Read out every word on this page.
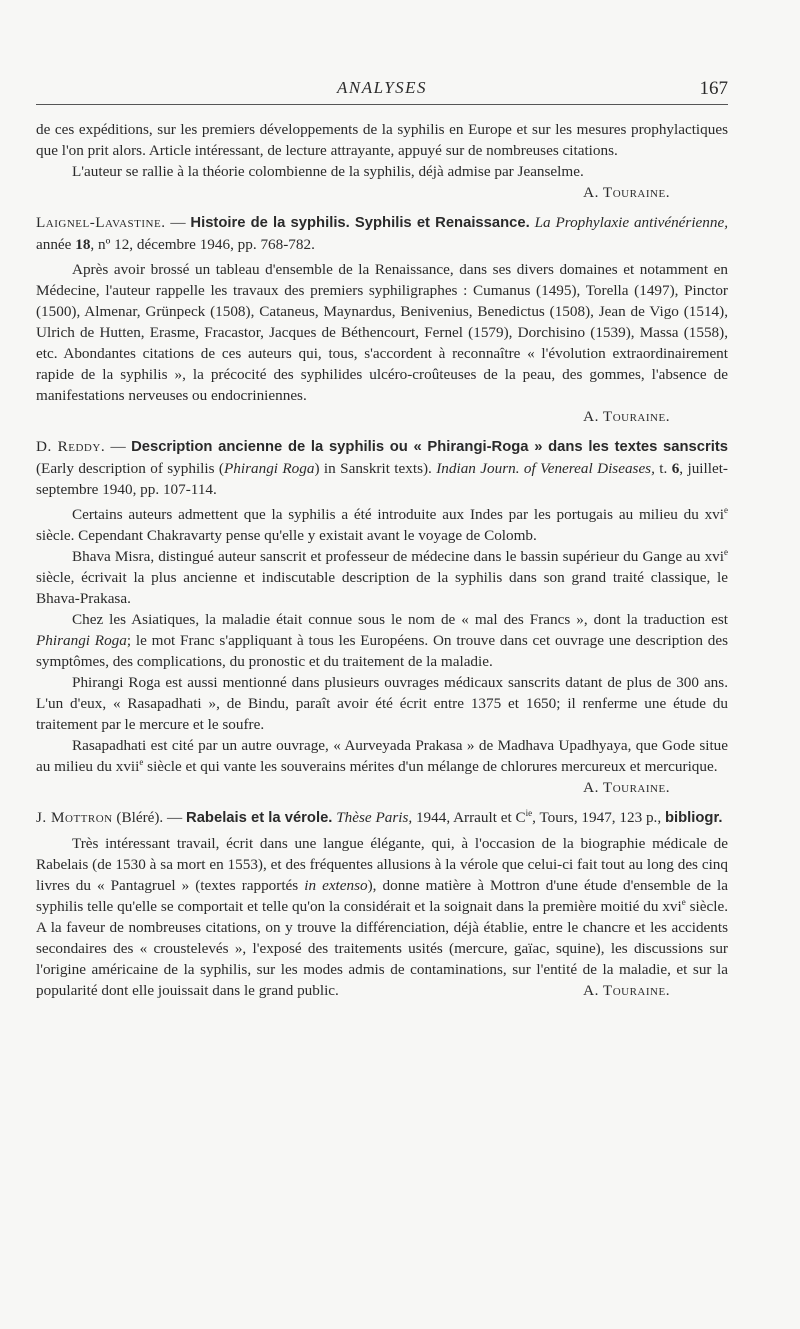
ANALYSES	167

de ces expéditions, sur les premiers développements de la syphilis en Europe et sur les mesures prophylactiques que l'on prit alors. Article intéressant, de lecture attrayante, appuyé sur de nombreuses citations.

L'auteur se rallie à la théorie colombienne de la syphilis, déjà admise par Jeanselme.

A. Touraine.

Laignel-Lavastine. — Histoire de la syphilis. Syphilis et Renaissance. La Prophylaxie antivénérienne, année 18, nº 12, décembre 1946, pp. 768-782.

Après avoir brossé un tableau d'ensemble de la Renaissance, dans ses divers domaines et notamment en Médecine, l'auteur rappelle les travaux des premiers syphiligraphes : Cumanus (1495), Torella (1497), Pinctor (1500), Almenar, Grünpeck (1508), Cataneus, Maynardus, Benivenius, Benedictus (1508), Jean de Vigo (1514), Ulrich de Hutten, Erasme, Fracastor, Jacques de Béthencourt, Fernel (1579), Dorchisino (1539), Massa (1558), etc. Abondantes citations de ces auteurs qui, tous, s'accordent à reconnaître « l'évolution extraordinairement rapide de la syphilis », la précocité des syphilides ulcéro-croûteuses de la peau, des gommes, l'absence de manifestations nerveuses ou endocriniennes.

A. Touraine.

D. Reddy. — Description ancienne de la syphilis ou « Phirangi-Roga » dans les textes sanscrits (Early description of syphilis (Phirangi Roga) in Sanskrit texts). Indian Journ. of Venereal Diseases, t. 6, juillet-septembre 1940, pp. 107-114.

Certains auteurs admettent que la syphilis a été introduite aux Indes par les portugais au milieu du xvi$^e$ siècle. Cependant Chakravarty pense qu'elle y existait avant le voyage de Colomb.

Bhava Misra, distingué auteur sanscrit et professeur de médecine dans le bassin supérieur du Gange au xvi$^e$ siècle, écrivait la plus ancienne et indiscutable description de la syphilis dans son grand traité classique, le Bhava-Prakasa.

Chez les Asiatiques, la maladie était connue sous le nom de « mal des Francs », dont la traduction est Phirangi Roga; le mot Franc s'appliquant à tous les Européens. On trouve dans cet ouvrage une description des symptômes, des complications, du pronostic et du traitement de la maladie.

Phirangi Roga est aussi mentionné dans plusieurs ouvrages médicaux sanscrits datant de plus de 300 ans. L'un d'eux, « Rasapadhati », de Bindu, paraît avoir été écrit entre 1375 et 1650; il renferme une étude du traitement par le mercure et le soufre.

Rasapadhati est cité par un autre ouvrage, « Aurveyada Prakasa » de Madhava Upadhyaya, que Gode situe au milieu du xvii$^e$ siècle et qui vante les souverains mérites d'un mélange de chlorures mercureux et mercurique.

A. Touraine.

J. Mottron (Bléré). — Rabelais et la vérole. Thèse Paris, 1944, Arrault et $C^{ie}$, Tours, 1947, 123 p., bibliogr.

Très intéressant travail, écrit dans une langue élégante, qui, à l'occasion de la biographie médicale de Rabelais (de 1530 à sa mort en 1553), et des fréquentes allusions à la vérole que celui-ci fait tout au long des cinq livres du « Pantagruel » (textes rapportés in extenso), donne matière à Mottron d'une étude d'ensemble de la syphilis telle qu'elle se comportait et telle qu'on la considérait et la soignait dans la première moitié du xvi$^e$ siècle. A la faveur de nombreuses citations, on y trouve la différenciation, déjà établie, entre le chancre et les accidents secondaires des « croustelevés », l'exposé des traitements usités (mercure, gaïac, squine), les discussions sur l'origine américaine de la syphilis, sur les modes admis de contaminations, sur l'entité de la maladie, et sur la popularité dont elle jouissait dans le grand public.	A. Touraine.
